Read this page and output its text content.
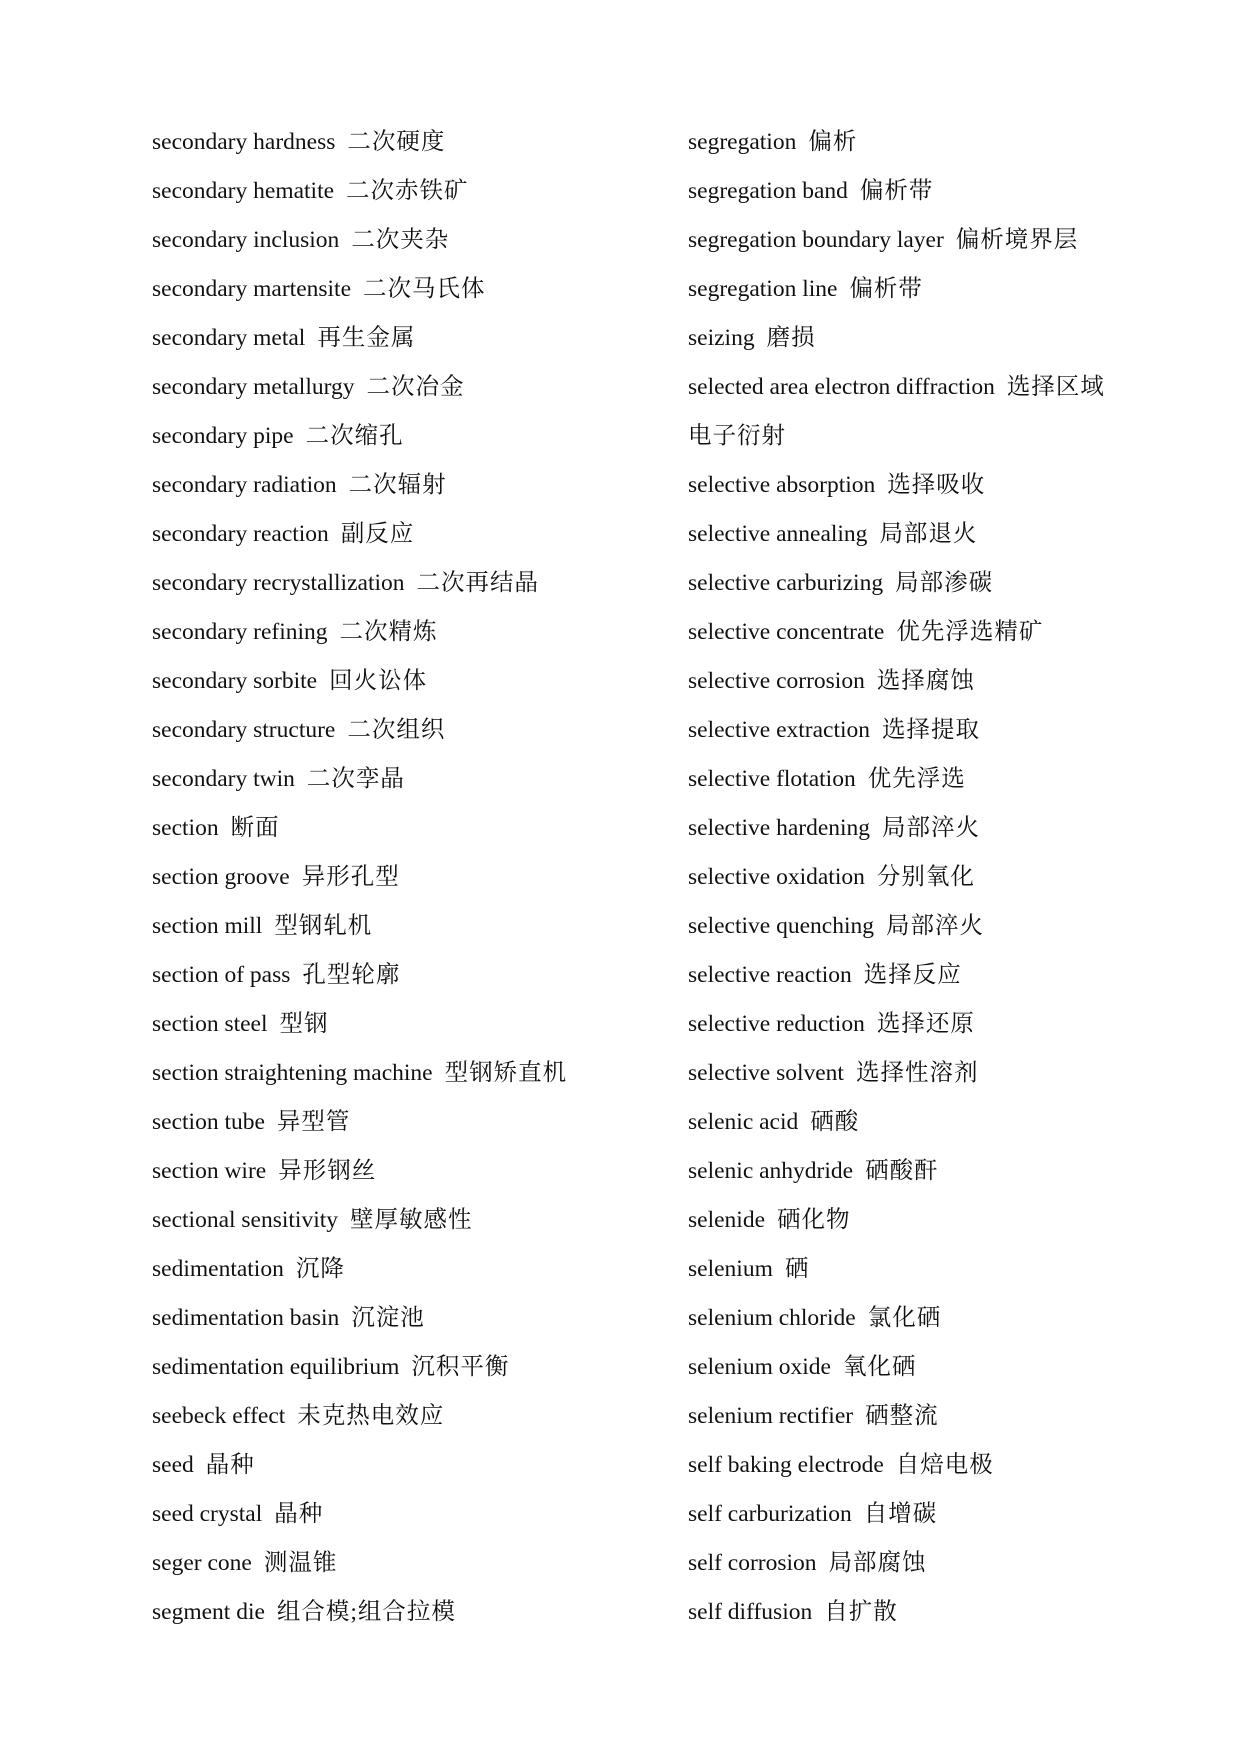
secondary hardness 二次硬度
secondary hematite 二次赤铁矿
secondary inclusion 二次夹杂
secondary martensite 二次马氏体
secondary metal 再生金属
secondary metallurgy 二次冶金
secondary pipe 二次缩孔
secondary radiation 二次辐射
secondary reaction 副反应
secondary recrystallization 二次再结晶
secondary refining 二次精炼
secondary sorbite 回火讼体
secondary structure 二次组织
secondary twin 二次孪晶
section 断面
section groove 异形孔型
section mill 型钢轧机
section of pass 孔型轮廓
section steel 型钢
section straightening machine 型钢矫直机
section tube 异型管
section wire 异形钢丝
sectional sensitivity 壁厚敏感性
sedimentation 沉降
sedimentation basin 沉淀池
sedimentation equilibrium 沉积平衡
seebeck effect 未克热电效应
seed 晶种
seed crystal 晶种
seger cone 测温锥
segment die 组合模;组合拉模
segregation 偏析
segregation band 偏析带
segregation boundary layer 偏析境界层
segregation line 偏析带
seizing 磨损
selected area electron diffraction 选择区域电子衍射
selective absorption 选择吸收
selective annealing 局部退火
selective carburizing 局部渗碳
selective concentrate 优先浮选精矿
selective corrosion 选择腐蚀
selective extraction 选择提取
selective flotation 优先浮选
selective hardening 局部淬火
selective oxidation 分别氧化
selective quenching 局部淬火
selective reaction 选择反应
selective reduction 选择还原
selective solvent 选择性溶剂
selenic acid 硒酸
selenic anhydride 硒酸酐
selenide 硒化物
selenium 硒
selenium chloride 氯化硒
selenium oxide 氧化硒
selenium rectifier 硒整流
self baking electrode 自焙电极
self carburization 自增碳
self corrosion 局部腐蚀
self diffusion 自扩散
